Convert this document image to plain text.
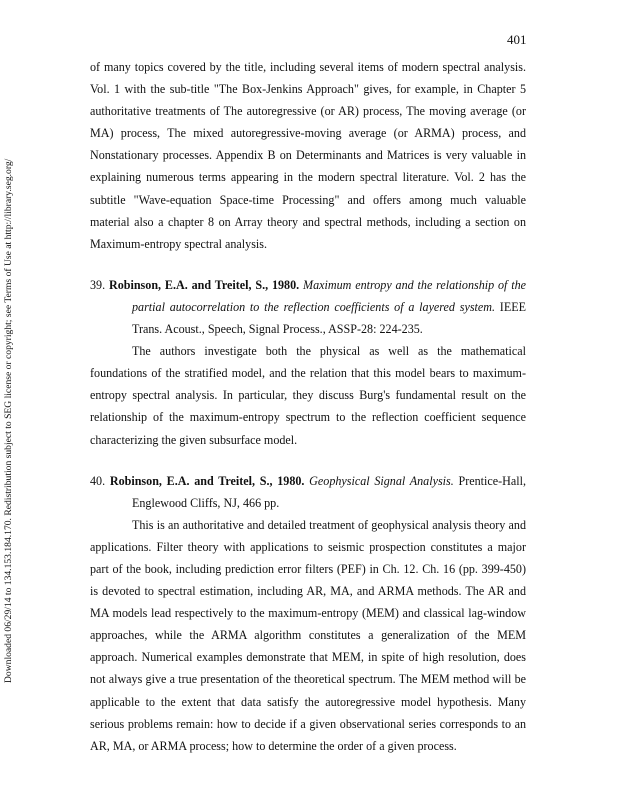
401
Downloaded 06/29/14 to 134.153.184.170. Redistribution subject to SEG license or copyright; see Terms of Use at http://library.seg.org/

of many topics covered by the title, including several items of modern spectral analysis. Vol. 1 with the sub-title "The Box-Jenkins Approach" gives, for example, in Chapter 5 authoritative treatments of The autoregressive (or AR) process, The moving average (or MA) process, The mixed autoregressive-moving average (or ARMA) process, and Nonstationary processes. Appendix B on Determinants and Matrices is very valuable in explaining numerous terms appearing in the modern spectral literature. Vol. 2 has the subtitle "Wave-equation Space-time Processing" and offers among much valuable material also a chapter 8 on Array theory and spectral methods, including a section on Maximum-entropy spectral analysis.

39. Robinson, E.A. and Treitel, S., 1980. Maximum entropy and the relationship of the partial autocorrelation to the reflection coefficients of a layered system. IEEE Trans. Acoust., Speech, Signal Process., ASSP-28: 224-235.

The authors investigate both the physical as well as the mathematical foundations of the stratified model, and the relation that this model bears to maximum-entropy spectral analysis. In particular, they discuss Burg's fundamental result on the relationship of the maximum-entropy spectrum to the reflection coefficient sequence characterizing the given subsurface model.

40. Robinson, E.A. and Treitel, S., 1980. Geophysical Signal Analysis. Prentice-Hall, Englewood Cliffs, NJ, 466 pp.

This is an authoritative and detailed treatment of geophysical analysis theory and applications. Filter theory with applications to seismic prospection constitutes a major part of the book, including prediction error filters (PEF) in Ch. 12. Ch. 16 (pp. 399-450) is devoted to spectral estimation, including AR, MA, and ARMA methods. The AR and MA models lead respectively to the maximum-entropy (MEM) and classical lag-window approaches, while the ARMA algorithm constitutes a generalization of the MEM approach. Numerical examples demonstrate that MEM, in spite of high resolution, does not always give a true presentation of the theoretical spectrum. The MEM method will be applicable to the extent that data satisfy the autoregressive model hypothesis. Many serious problems remain: how to decide if a given observational series corresponds to an AR, MA, or ARMA process; how to determine the order of a given process.
